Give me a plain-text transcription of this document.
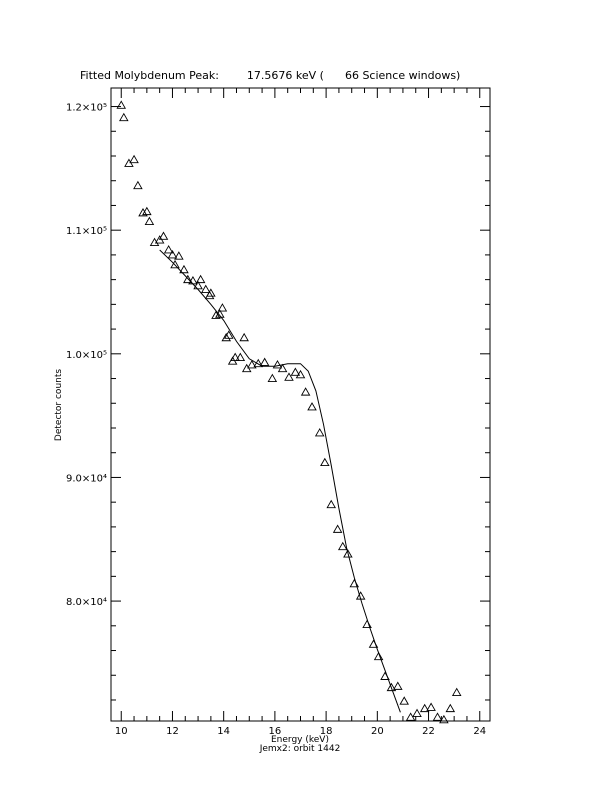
Fitted Molybdenum Peak:        17.5676 keV (      66 Science windows)
10	12	14	16	18	20	22	24
8.0×10⁴
9.0×10⁴
1.0×10⁵
1.1×10⁵
1.2×10⁵
Energy (keV)
Jemx2: orbit 1442
Detector counts
